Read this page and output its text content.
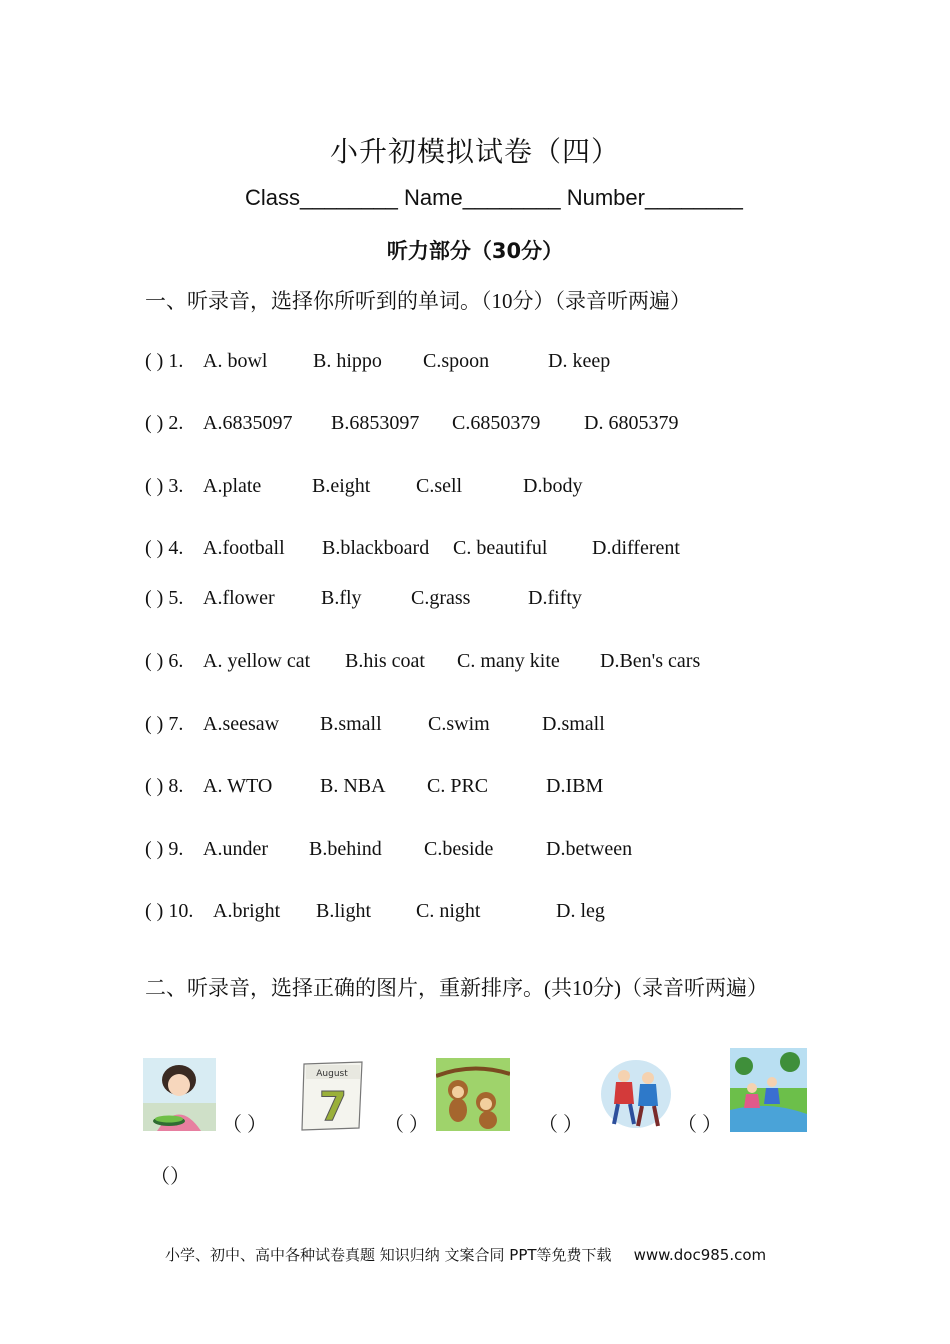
小升初模拟试卷（四）
Class________ Name________ Number________
听力部分（30分）
一、听录音，选择你所听到的单词。（10分）（录音听两遍）
( ) 1. A. bowl B. hippo C.spoon	D. keep
( ) 2. A.6835097 B.6853097 C.6850379 D. 6805379
( ) 3. A.plate	B.eight C.sell	D.body
( ) 4. A.football B.blackboard C. beautiful D.different
( ) 5. A.flower B.fly C.grass	D.fifty
( ) 6. A. yellow cat B.his coat C. many kite D.Ben's cars
( ) 7. A.seesaw B.small C.swim	D.small
( ) 8. A. WTO B. NBA C. PRC	D.IBM
( ) 9. A.under B.behind C.beside	D.between
( ) 10. A.bright B.light C. night	D. leg
二、听录音，选择正确的图片，重新排序。(共10分)（录音听两遍）
（ ）
August
7 （ ）	（ ）	（ ）
（）
小学、初中、高中各种试卷真题 知识归纳 文案合同 PPT等免费下载 www.doc985.com
